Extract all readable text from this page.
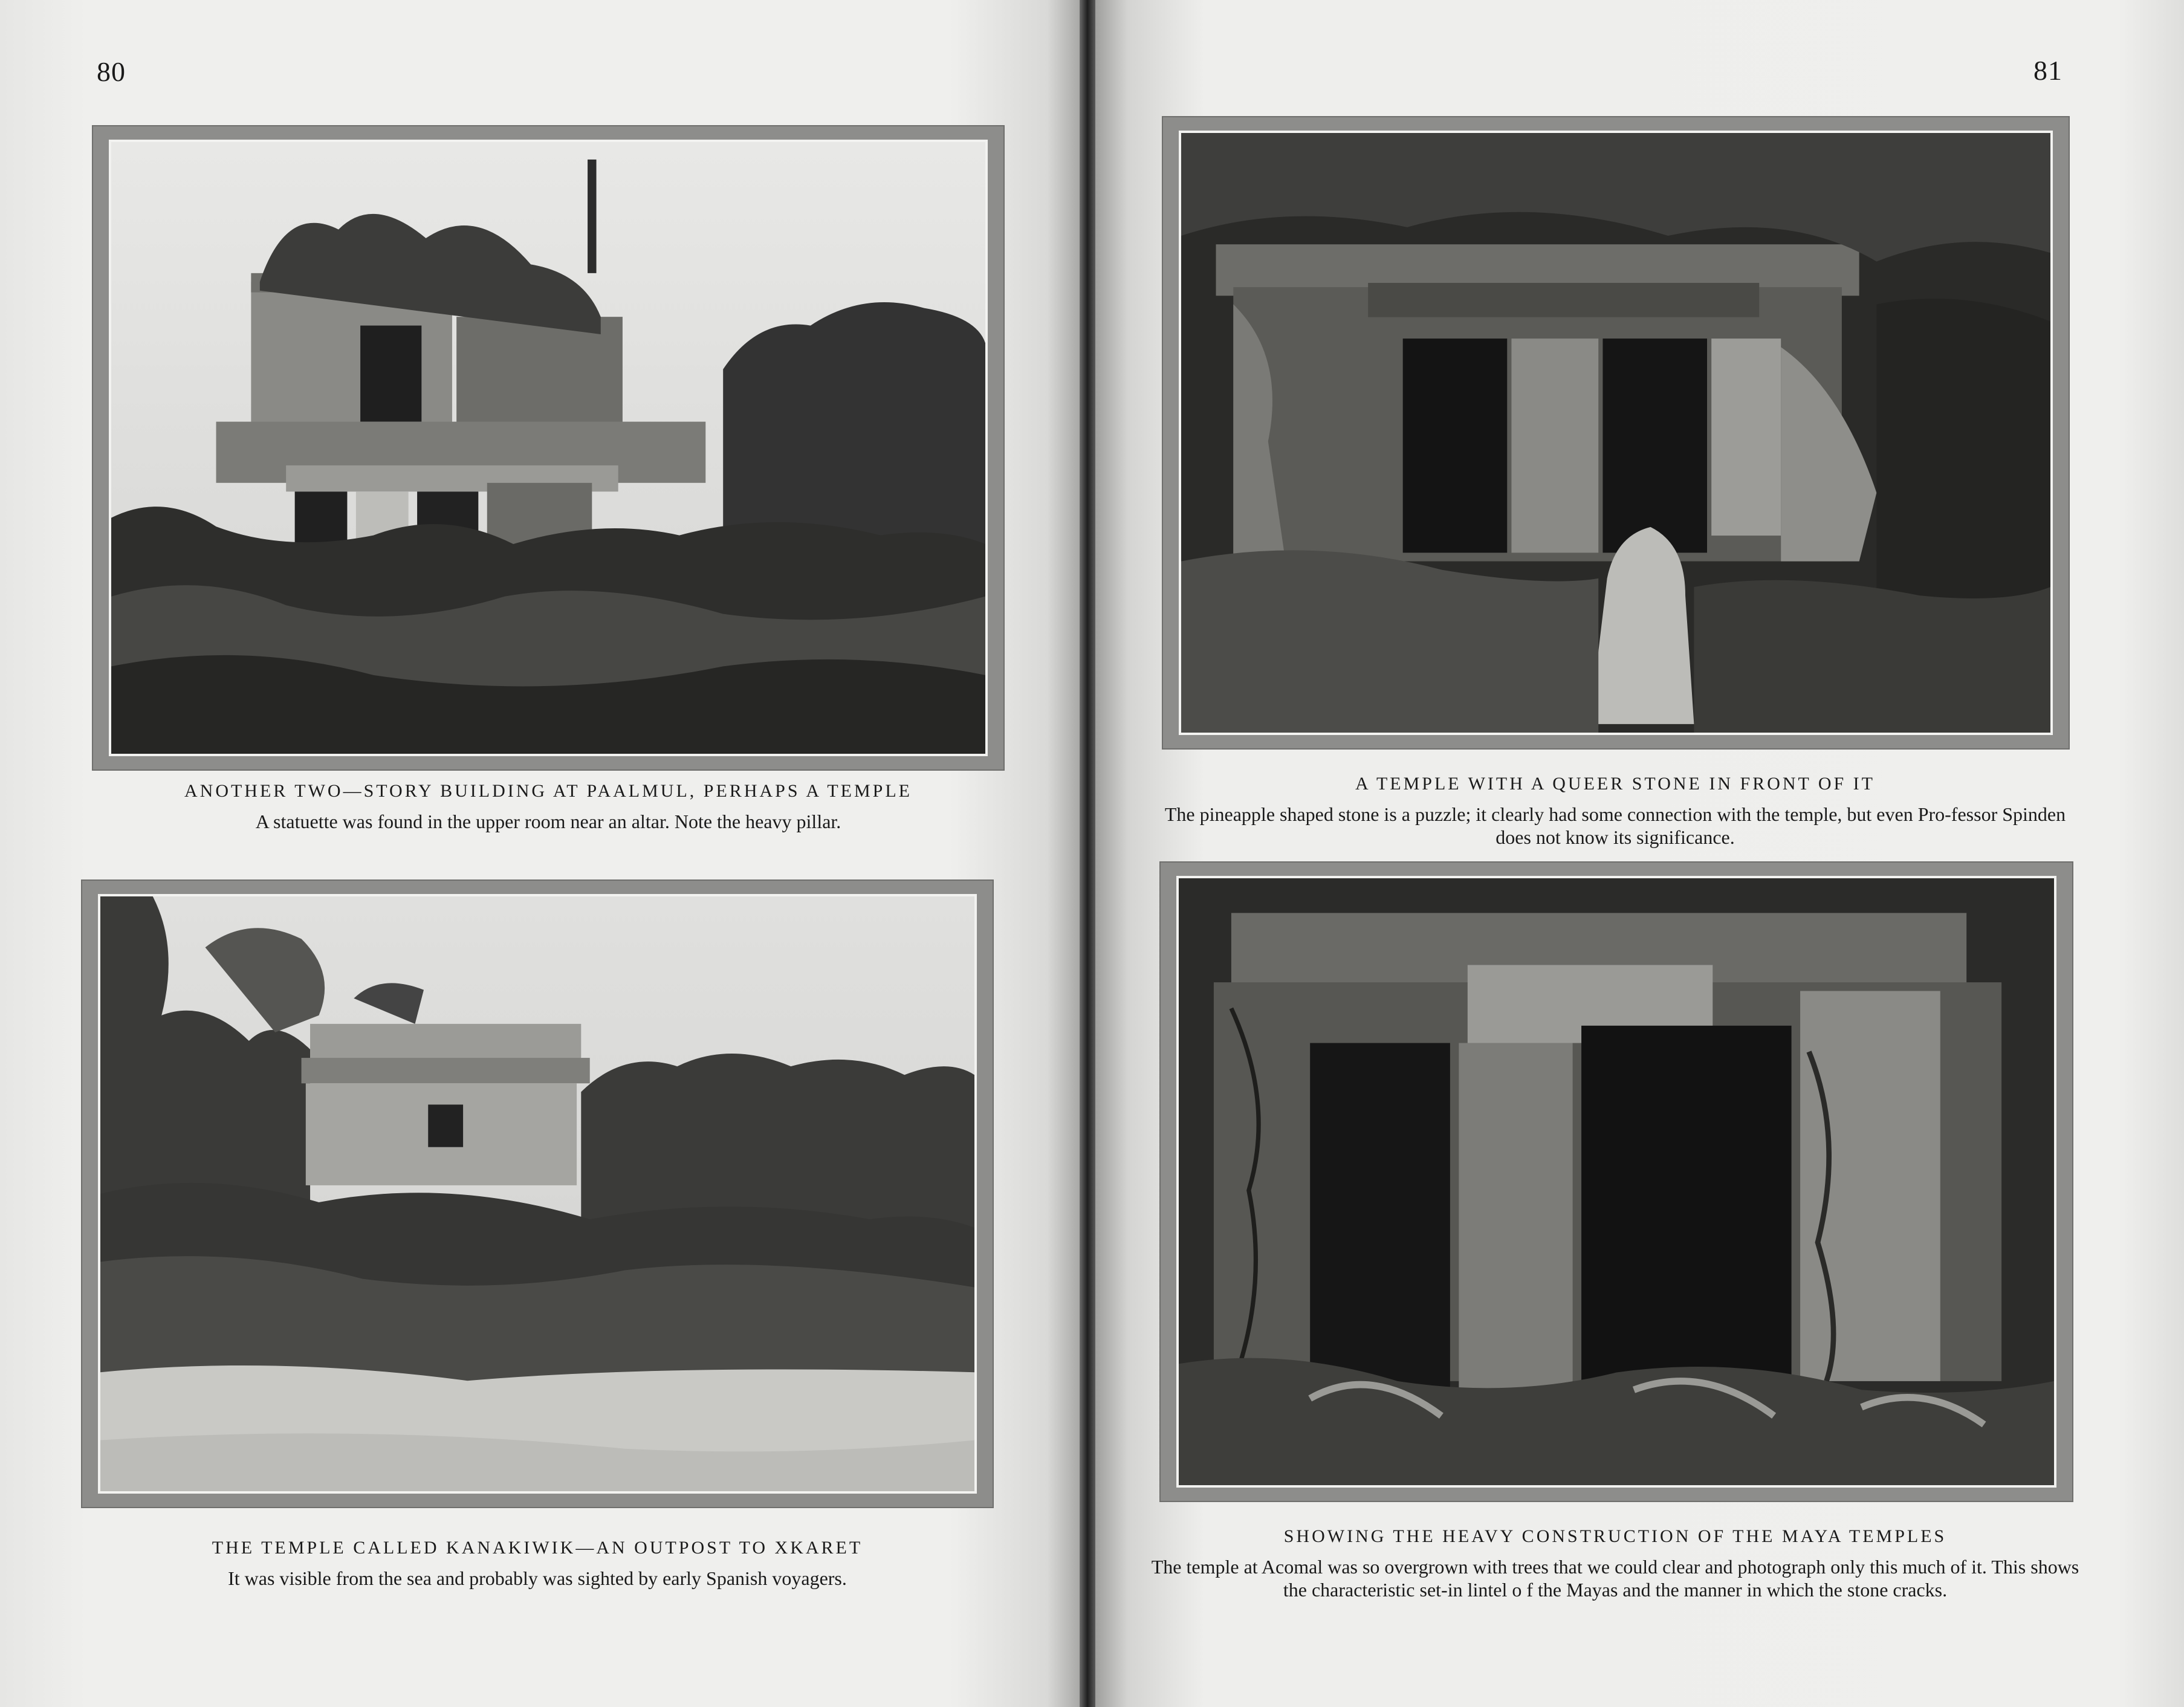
80
ANOTHER TWO—STORY BUILDING AT PAALMUL, PERHAPS A TEMPLE
A statuette was found in the upper room near an altar. Note the heavy pillar.
THE TEMPLE CALLED KANAKIWIK—AN OUTPOST TO XKARET
It was visible from the sea and probably was sighted by early Spanish voyagers.
81
A TEMPLE WITH A QUEER STONE IN FRONT OF IT
The pineapple shaped stone is a puzzle; it clearly had some connection with the temple, but even Pro-fessor Spinden does not know its significance.
SHOWING THE HEAVY CONSTRUCTION OF THE MAYA TEMPLES
The temple at Acomal was so overgrown with trees that we could clear and photograph only this much of it. This shows the characteristic set-in lintel o f the Mayas and the manner in which the stone cracks.
